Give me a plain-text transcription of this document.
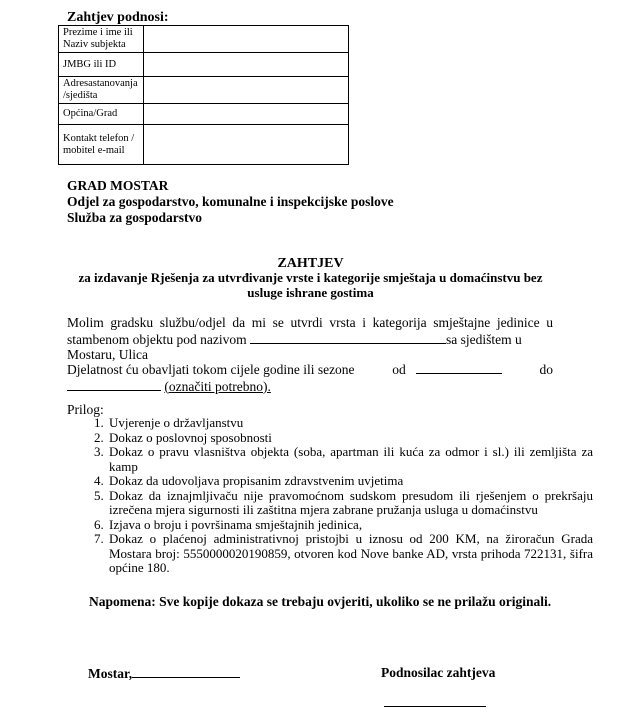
Zahtjev podnosi:
Prezime i ime ili Naziv subjekta	
JMBG ili ID	
Adresastanovanja /sjedišta	
Općina/Grad	
Kontakt telefon / mobitel e-mail	
GRAD MOSTAR
Odjel za gospodarstvo, komunalne i inspekcijske poslove
Služba za gospodarstvo
ZAHTJEV
za izdavanje Rješenja za utvrđivanje vrste i kategorije smještaja u domaćinstvu bez
usluge ishrane gostima
Molim gradsku službu/odjel da mi se utvrdi vrsta i kategorija smještajne jedinice u stambenom objektu pod nazivom	sa sjedištem u
Mostaru, Ulica
Djelatnost ću obavljati tokom cijele godine ili sezone	od	do
(označiti potrebno).
Prilog:
1. Uvjerenje o državljanstvu
2. Dokaz o poslovnoj sposobnosti
3. Dokaz o pravu vlasništva objekta (soba, apartman ili kuća za odmor i sl.) ili zemljišta za kamp
4. Dokaz da udovoljava propisanim zdravstvenim uvjetima
5. Dokaz da iznajmljivaču nije pravomoćnom sudskom presudom ili rješenjem o prekršaju izrečena mjera sigurnosti ili zaštitna mjera zabrane pružanja usluga u domaćinstvu
6. Izjava o broju i površinama smještajnih jedinica,
7. Dokaz o plaćenoj administrativnoj pristojbi u iznosu od 200 KM, na žiroračun Grada Mostara broj: 5550000020190859, otvoren kod Nove banke AD, vrsta prihoda 722131, šifra općine 180.
Napomena: Sve kopije dokaza se trebaju ovjeriti, ukoliko se ne prilažu originali.
Mostar,	Podnosilac zahtjeva
